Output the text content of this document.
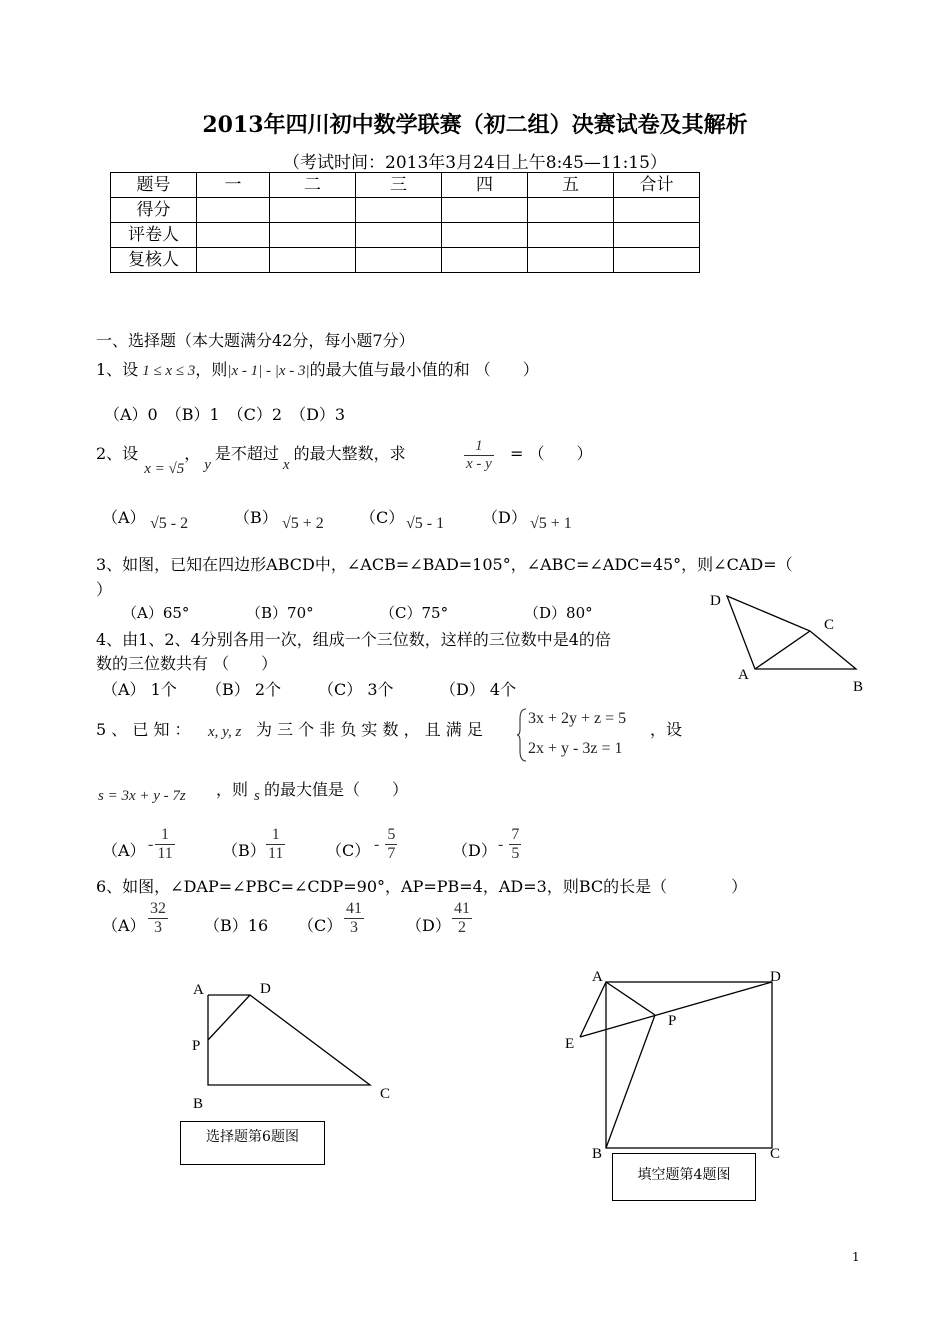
2013年四川初中数学联赛（初二组）决赛试卷及其解析
（考试时间：2013年3月24日上午8:45—11:15）
题号	一	二	三	四	五	合计
得分						
评卷人						
复核人						
一、选择题（本大题满分42分，每小题7分）
1、设 1 ≤ x ≤ 3，则|x - 1| - |x - 3|的最大值与最小值的和 （　　）
（A）0　（B）1　（C）2　（D）3
2、设x = √5，y是不超过x的最大整数，求	$\frac{1}{x - y}$ = （　　）
（A） √5 - 2	（B） √5 + 2 （C） √5 - 1 （D） √5 + 1
3、如图，已知在四边形ABCD中，∠ACB=∠BAD=105°，∠ABC=∠ADC=45°，则∠CAD=（
）
（A）65°	（B）70°	（C）75°	（D）80°
D
C
A
B
4、由1、2、4分别各用一次，组成一个三位数，这样的三位数中是4的倍
数的三位数共有 （　　）
（A） 1个 （B） 2个 （C） 3个	（D） 4个
5 、 已 知 ： x, y, z 为 三 个 非 负 实 数 ， 且 满 足
3x + 2y + z = 5
， 设
2x + y - 3z = 1
s = 3x + y - 7z ，则 s 的最大值是（　　）
$(A) - \frac{1}{11}$	$(B) \frac{1}{11}$	$(C) - \frac{5}{7}$	$(D) - \frac{7}{5}$
6、如图，∠DAP=∠PBC=∠CDP=90°，AP=PB=4，AD=3，则BC的长是（　　　　）
$(A) \frac{32}{3} (B)16$ $(C) \frac{41}{3}$	$(D) \frac{41}{2}$
A	D
P
B
C
选择题第6题图
A	D
E
P
B	C
填空题第4题图
1
